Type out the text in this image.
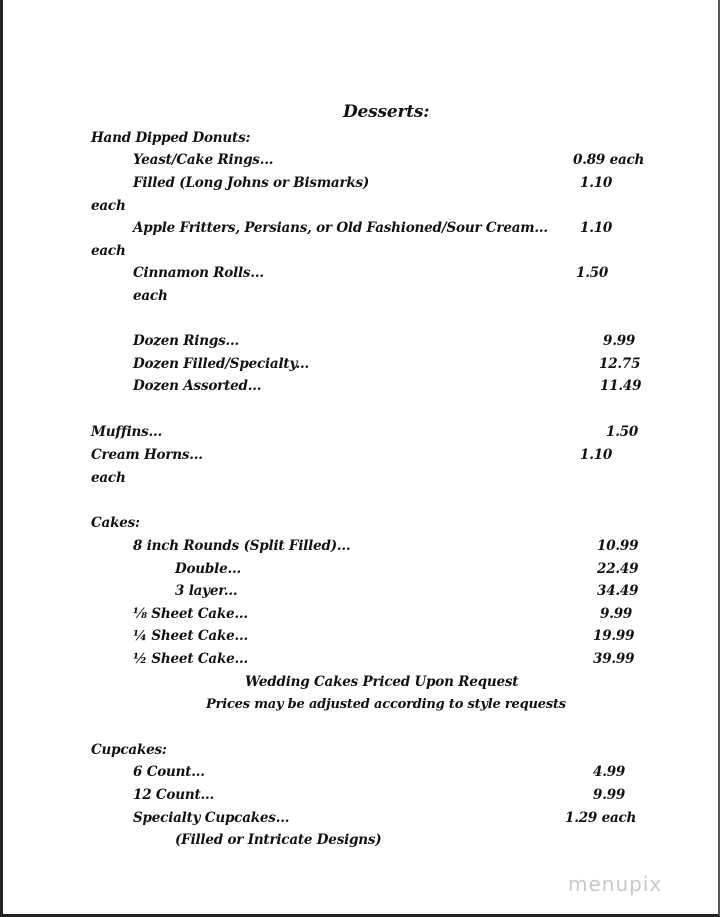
Desserts:
Hand Dipped Donuts:
Yeast/Cake Rings...	0.89 each
Filled (Long Johns or Bismarks)	1.10
each
Apple Fritters, Persians, or Old Fashioned/Sour Cream... 1.10
each
Cinnamon Rolls...	1.50
each
Dozen Rings...	9.99
Dozen Filled/Specialty...	12.75
Dozen Assorted...	11.49
Muffins...	1.50
Cream Horns...	1.10
each
Cakes:
8 inch Rounds (Split Filled)...	10.99
Double...	22.49
3 layer...	34.49
⅛ Sheet Cake...	9.99
¼ Sheet Cake...	19.99
½ Sheet Cake...	39.99
Wedding Cakes Priced Upon Request
Prices may be adjusted according to style requests
Cupcakes:
6 Count...	4.99
12 Count...	9.99
Specialty Cupcakes...	1.29 each
(Filled or Intricate Designs)
menupix
